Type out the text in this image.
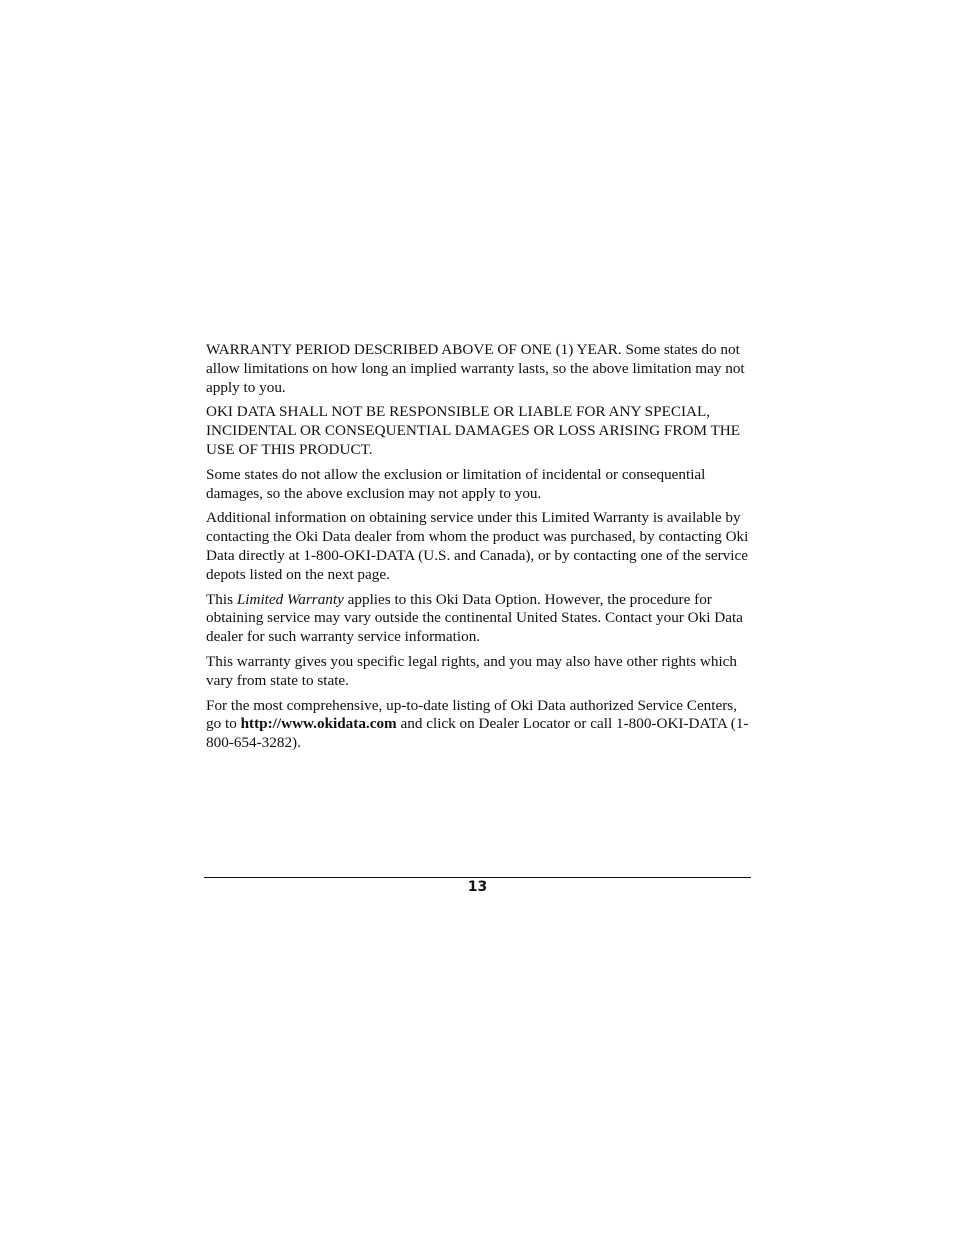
WARRANTY PERIOD DESCRIBED ABOVE OF ONE (1) YEAR. Some states do not allow limitations on how long an implied warranty lasts, so the above limitation may not apply to you.

OKI DATA SHALL NOT BE RESPONSIBLE OR LIABLE FOR ANY SPECIAL, INCIDENTAL OR CONSEQUENTIAL DAMAGES OR LOSS ARISING FROM THE USE OF THIS PRODUCT.

Some states do not allow the exclusion or limitation of incidental or consequential damages, so the above exclusion may not apply to you.

Additional information on obtaining service under this Limited Warranty is available by contacting the Oki Data dealer from whom the product was purchased, by contacting Oki Data directly at 1-800-OKI-DATA (U.S. and Canada), or by contacting one of the service depots listed on the next page.

This Limited Warranty applies to this Oki Data Option. However, the procedure for obtaining service may vary outside the continental United States. Contact your Oki Data dealer for such warranty service information.

This warranty gives you specific legal rights, and you may also have other rights which vary from state to state.

For the most comprehensive, up-to-date listing of Oki Data authorized Service Centers, go to http://www.okidata.com and click on Dealer Locator or call 1-800-OKI-DATA (1-800-654-3282).

13
